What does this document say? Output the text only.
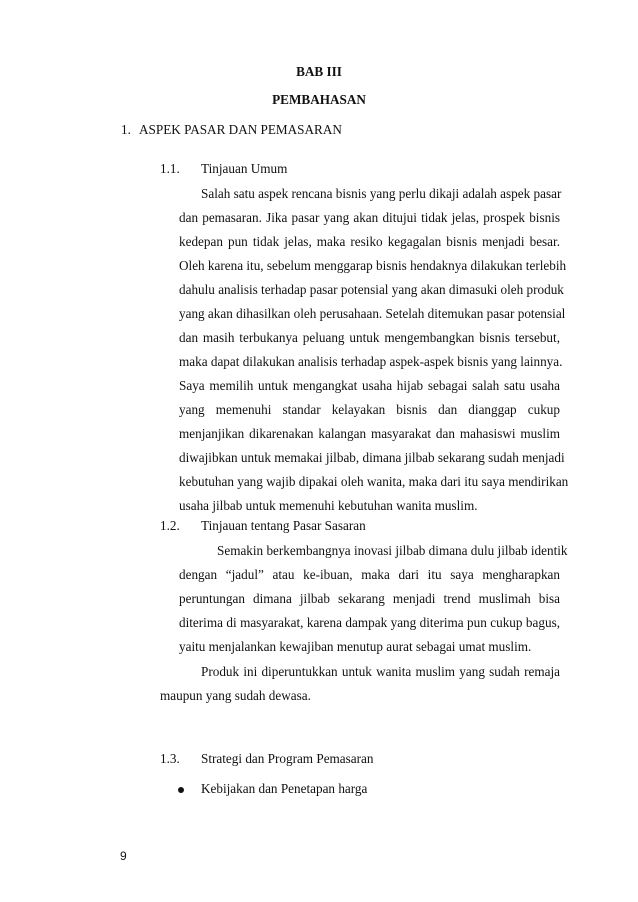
BAB III
PEMBAHASAN
1. ASPEK PASAR DAN PEMASARAN
1.1. Tinjauan Umum
Salah satu aspek rencana bisnis yang perlu dikaji adalah aspek pasar
dan pemasaran. Jika pasar yang akan ditujui tidak jelas, prospek bisnis
kedepan pun tidak jelas, maka resiko kegagalan bisnis menjadi besar.
Oleh karena itu, sebelum menggarap bisnis hendaknya dilakukan terlebih
dahulu analisis terhadap pasar potensial yang akan dimasuki oleh produk
yang akan dihasilkan oleh perusahaan. Setelah ditemukan pasar potensial
dan masih terbukanya peluang untuk mengembangkan bisnis tersebut,
maka dapat dilakukan analisis terhadap aspek-aspek bisnis yang lainnya.
Saya memilih untuk mengangkat usaha hijab sebagai salah satu usaha
yang memenuhi standar kelayakan bisnis dan dianggap cukup
menjanjikan dikarenakan kalangan masyarakat dan mahasiswi muslim
diwajibkan untuk memakai jilbab, dimana jilbab sekarang sudah menjadi
kebutuhan yang wajib dipakai oleh wanita, maka dari itu saya mendirikan
usaha jilbab untuk memenuhi kebutuhan wanita muslim.
1.2. Tinjauan tentang Pasar Sasaran
Semakin berkembangnya inovasi jilbab dimana dulu jilbab identik
dengan “jadul” atau ke-ibuan, maka dari itu saya mengharapkan
peruntungan dimana jilbab sekarang menjadi trend muslimah bisa
diterima di masyarakat, karena dampak yang diterima pun cukup bagus,
yaitu menjalankan kewajiban menutup aurat sebagai umat muslim.
Produk ini diperuntukkan untuk wanita muslim yang sudah remaja
maupun yang sudah dewasa.
1.3. Strategi dan Program Pemasaran
Kebijakan dan Penetapan harga
9
